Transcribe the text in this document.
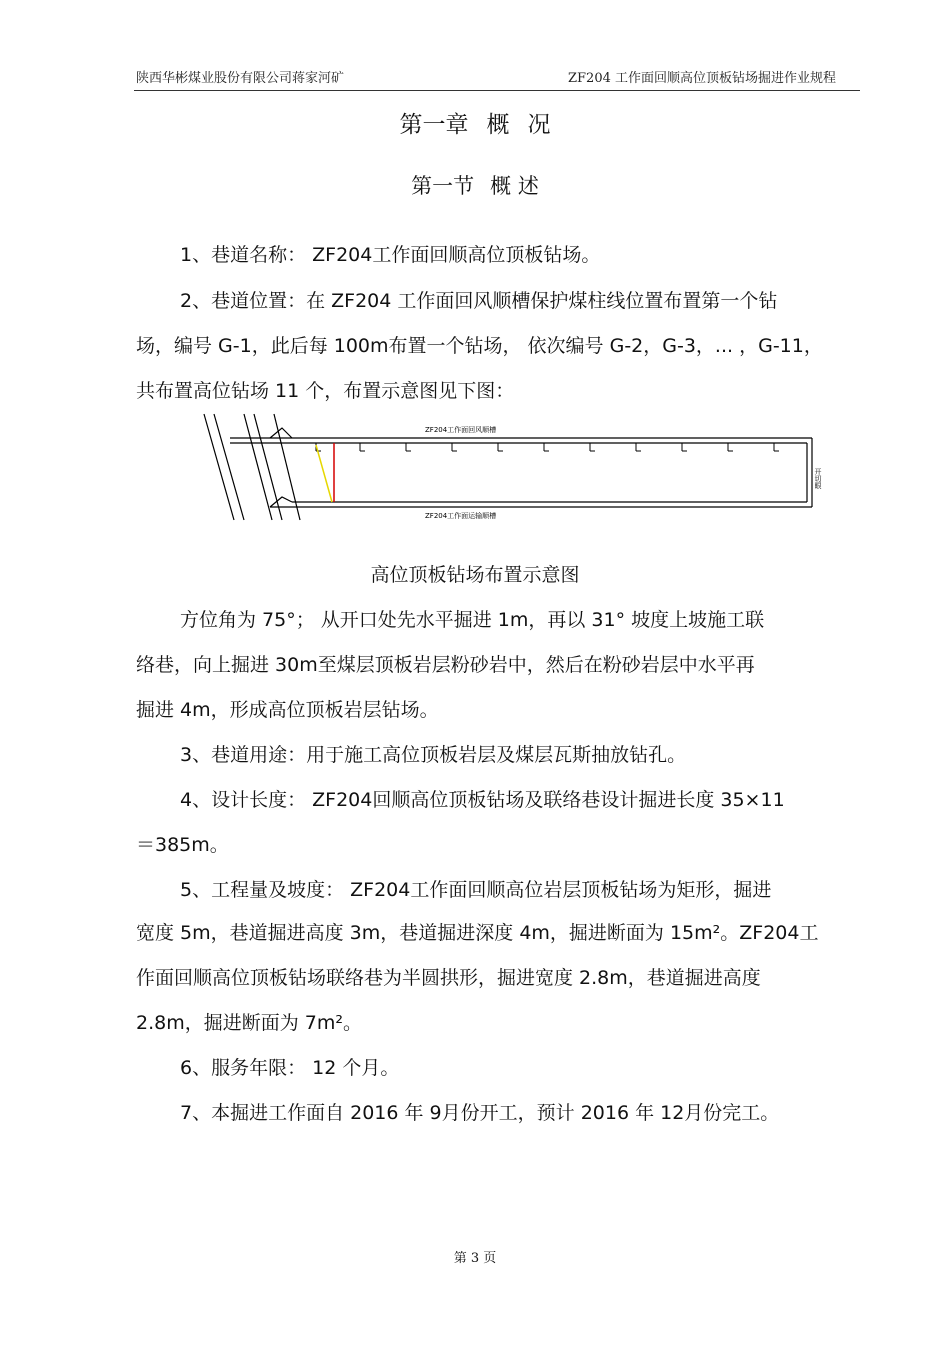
陕西华彬煤业股份有限公司蒋家河矿	ZF204 工作面回顺高位顶板钻场掘进作业规程
第一章 概 况
第一节 概 述
1、巷道名称： ZF204工作面回顺高位顶板钻场。
2、巷道位置：在 ZF204 工作面回风顺槽保护煤柱线位置布置第一个钻
场，编号 G-1，此后每 100m布置一个钻场， 依次编号 G-2，G-3，... ，G-11，
共布置高位钻场 11 个，布置示意图见下图：
ZF204工作面回风顺槽
ZF204工作面运输顺槽
开切眼
高位顶板钻场布置示意图
方位角为 75°； 从开口处先水平掘进 1m，再以 31° 坡度上坡施工联
络巷，向上掘进 30m至煤层顶板岩层粉砂岩中，然后在粉砂岩层中水平再
掘进 4m，形成高位顶板岩层钻场。
3、巷道用途：用于施工高位顶板岩层及煤层瓦斯抽放钻孔。
4、设计长度： ZF204回顺高位顶板钻场及联络巷设计掘进长度 35×11
＝385m。
5、工程量及坡度： ZF204工作面回顺高位岩层顶板钻场为矩形，掘进
宽度 5m，巷道掘进高度 3m，巷道掘进深度 4m，掘进断面为 15m²。ZF204工
作面回顺高位顶板钻场联络巷为半圆拱形，掘进宽度 2.8m，巷道掘进高度
2.8m，掘进断面为 7m²。
6、服务年限： 12 个月。
7、本掘进工作面自 2016 年 9月份开工，预计 2016 年 12月份完工。
第 3 页
